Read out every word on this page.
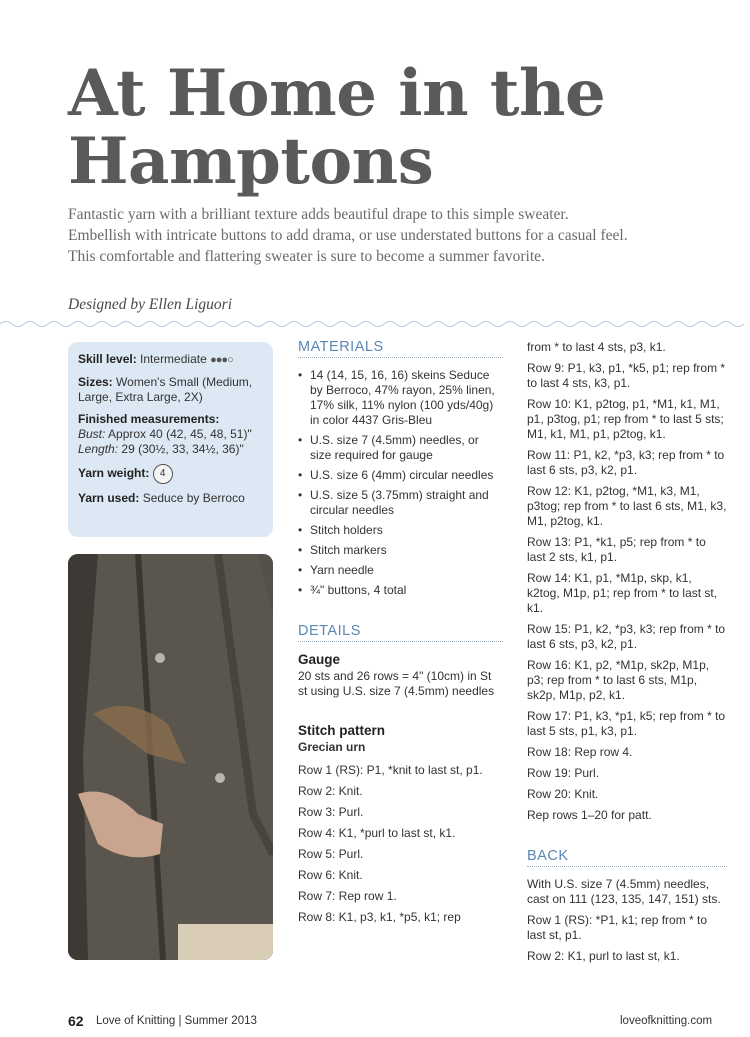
At Home in the
Hamptons
Fantastic yarn with a brilliant texture adds beautiful drape to this simple sweater. Embellish with intricate buttons to add drama, or use understated buttons for a casual feel. This comfortable and flattering sweater is sure to become a summer favorite.
Designed by Ellen Liguori

Skill level: Intermediate ●●●○

Sizes: Women's Small (Medium, Large, Extra Large, 2X)

Finished measurements:

Bust: Approx 40 (42, 45, 48, 51)"

Length: 29 (30½, 33, 34½, 36)"

Yarn weight: 4

Yarn used: Seduce by Berroco

MATERIALS
• 14 (14, 15, 16, 16) skeins Seduce by Berroco, 47% rayon, 25% linen, 17% silk, 11% nylon (100 yds/40g) in color 4437 Gris-Bleu
• U.S. size 7 (4.5mm) needles, or size required for gauge
• U.S. size 6 (4mm) circular needles
• U.S. size 5 (3.75mm) straight and circular needles
• Stitch holders
• Stitch markers
• Yarn needle
• ¾" buttons, 4 total
DETAILS
Gauge
20 sts and 26 rows = 4" (10cm) in St st using U.S. size 7 (4.5mm) needles
Stitch pattern
Grecian urn
Row 1 (RS): P1, *knit to last st, p1.
Row 2: Knit.
Row 3: Purl.
Row 4: K1, *purl to last st, k1.
Row 5: Purl.
Row 6: Knit.
Row 7: Rep row 1.
Row 8: K1, p3, k1, *p5, k1; rep
from * to last 4 sts, p3, k1.
Row 9: P1, k3, p1, *k5, p1; rep from * to last 4 sts, k3, p1.
Row 10: K1, p2tog, p1, *M1, k1, M1, p1, p3tog, p1; rep from * to last 5 sts; M1, k1, M1, p1, p2tog, k1.
Row 11: P1, k2, *p3, k3; rep from * to last 6 sts, p3, k2, p1.
Row 12: K1, p2tog, *M1, k3, M1, p3tog; rep from * to last 6 sts, M1, k3, M1, p2tog, k1.
Row 13: P1, *k1, p5; rep from * to last 2 sts, k1, p1.
Row 14: K1, p1, *M1p, skp, k1, k2tog, M1p, p1; rep from * to last st, k1.
Row 15: P1, k2, *p3, k3; rep from * to last 6 sts, p3, k2, p1.
Row 16: K1, p2, *M1p, sk2p, M1p, p3; rep from * to last 6 sts, M1p, sk2p, M1p, p2, k1.
Row 17: P1, k3, *p1, k5; rep from * to last 5 sts, p1, k3, p1.
Row 18: Rep row 4.
Row 19: Purl.
Row 20: Knit.
Rep rows 1–20 for patt.
BACK
With U.S. size 7 (4.5mm) needles, cast on 111 (123, 135, 147, 151) sts.
Row 1 (RS): *P1, k1; rep from * to last st, p1.
Row 2: K1, purl to last st, k1.
62 Love of Knitting | Summer 2013	loveofknitting.com
